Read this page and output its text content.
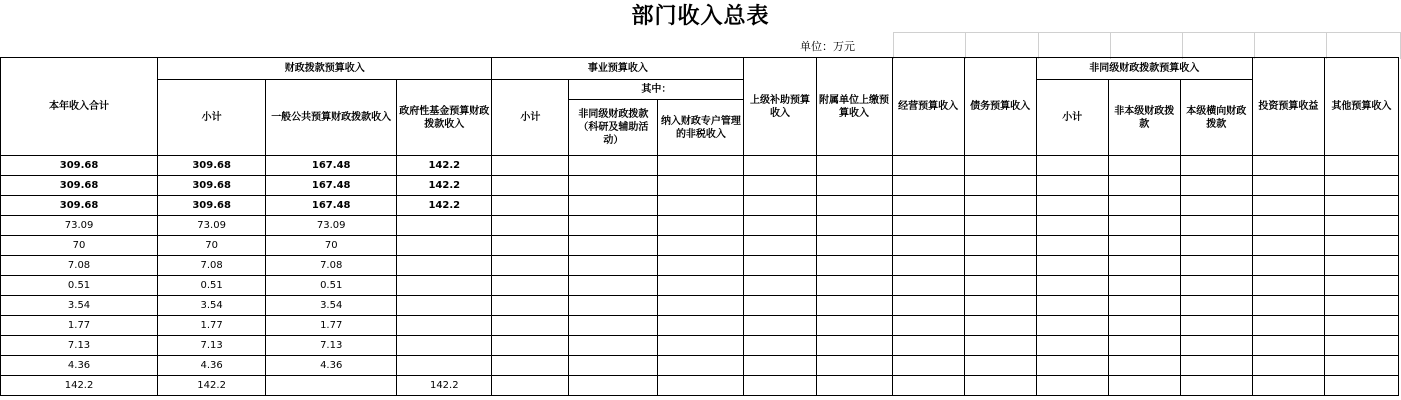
部门收入总表
单位：万元
本年收入合计	财政拨款预算收入			事业预算收入			上级补助预算收入	附属单位上缴预算收入	经营预算收入	债务预算收入	非同级财政拨款预算收入			投资预算收益	其他预算收入
	小计	一般公共预算财政拨款收入	政府性基金预算财政拨款收入	小计	其中：						小计	非本级财政拨款	本级横向财政拨款		
					非同级财政拨款（科研及辅助活动）	纳入财政专户管理的非税收入									
309.68	309.68	167.48	142.2												
309.68	309.68	167.48	142.2												
309.68	309.68	167.48	142.2												
73.09	73.09	73.09													
70	70	70													
7.08	7.08	7.08													
0.51	0.51	0.51													
3.54	3.54	3.54													
1.77	1.77	1.77													
7.13	7.13	7.13													
4.36	4.36	4.36													
142.2	142.2		142.2												
